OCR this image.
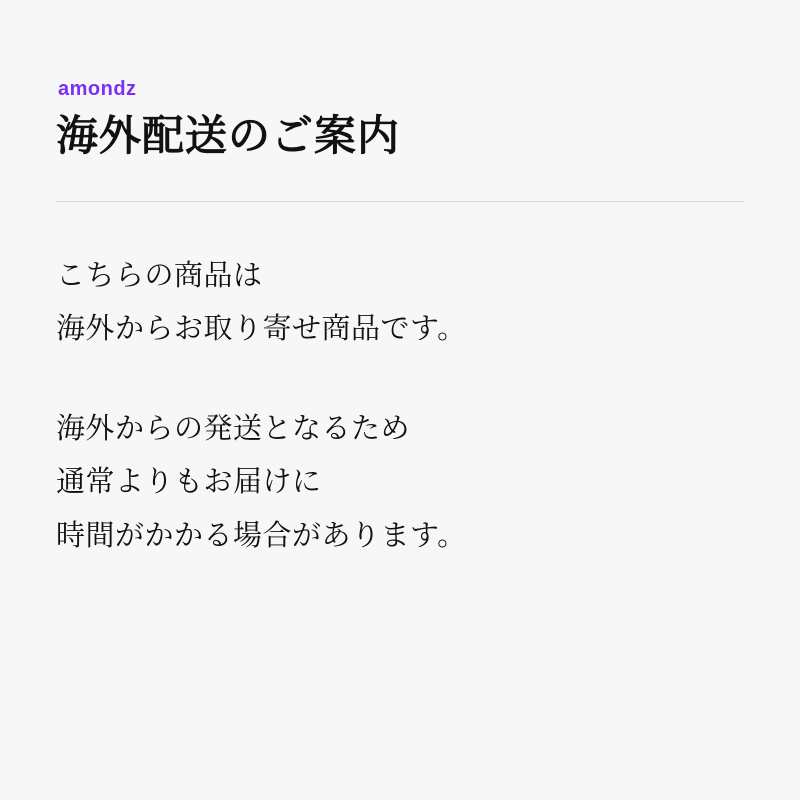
amondz
海外配送のご案内
こちらの商品は
海外からお取り寄せ商品です。
海外からの発送となるため
通常よりもお届けに
時間がかかる場合があります。
